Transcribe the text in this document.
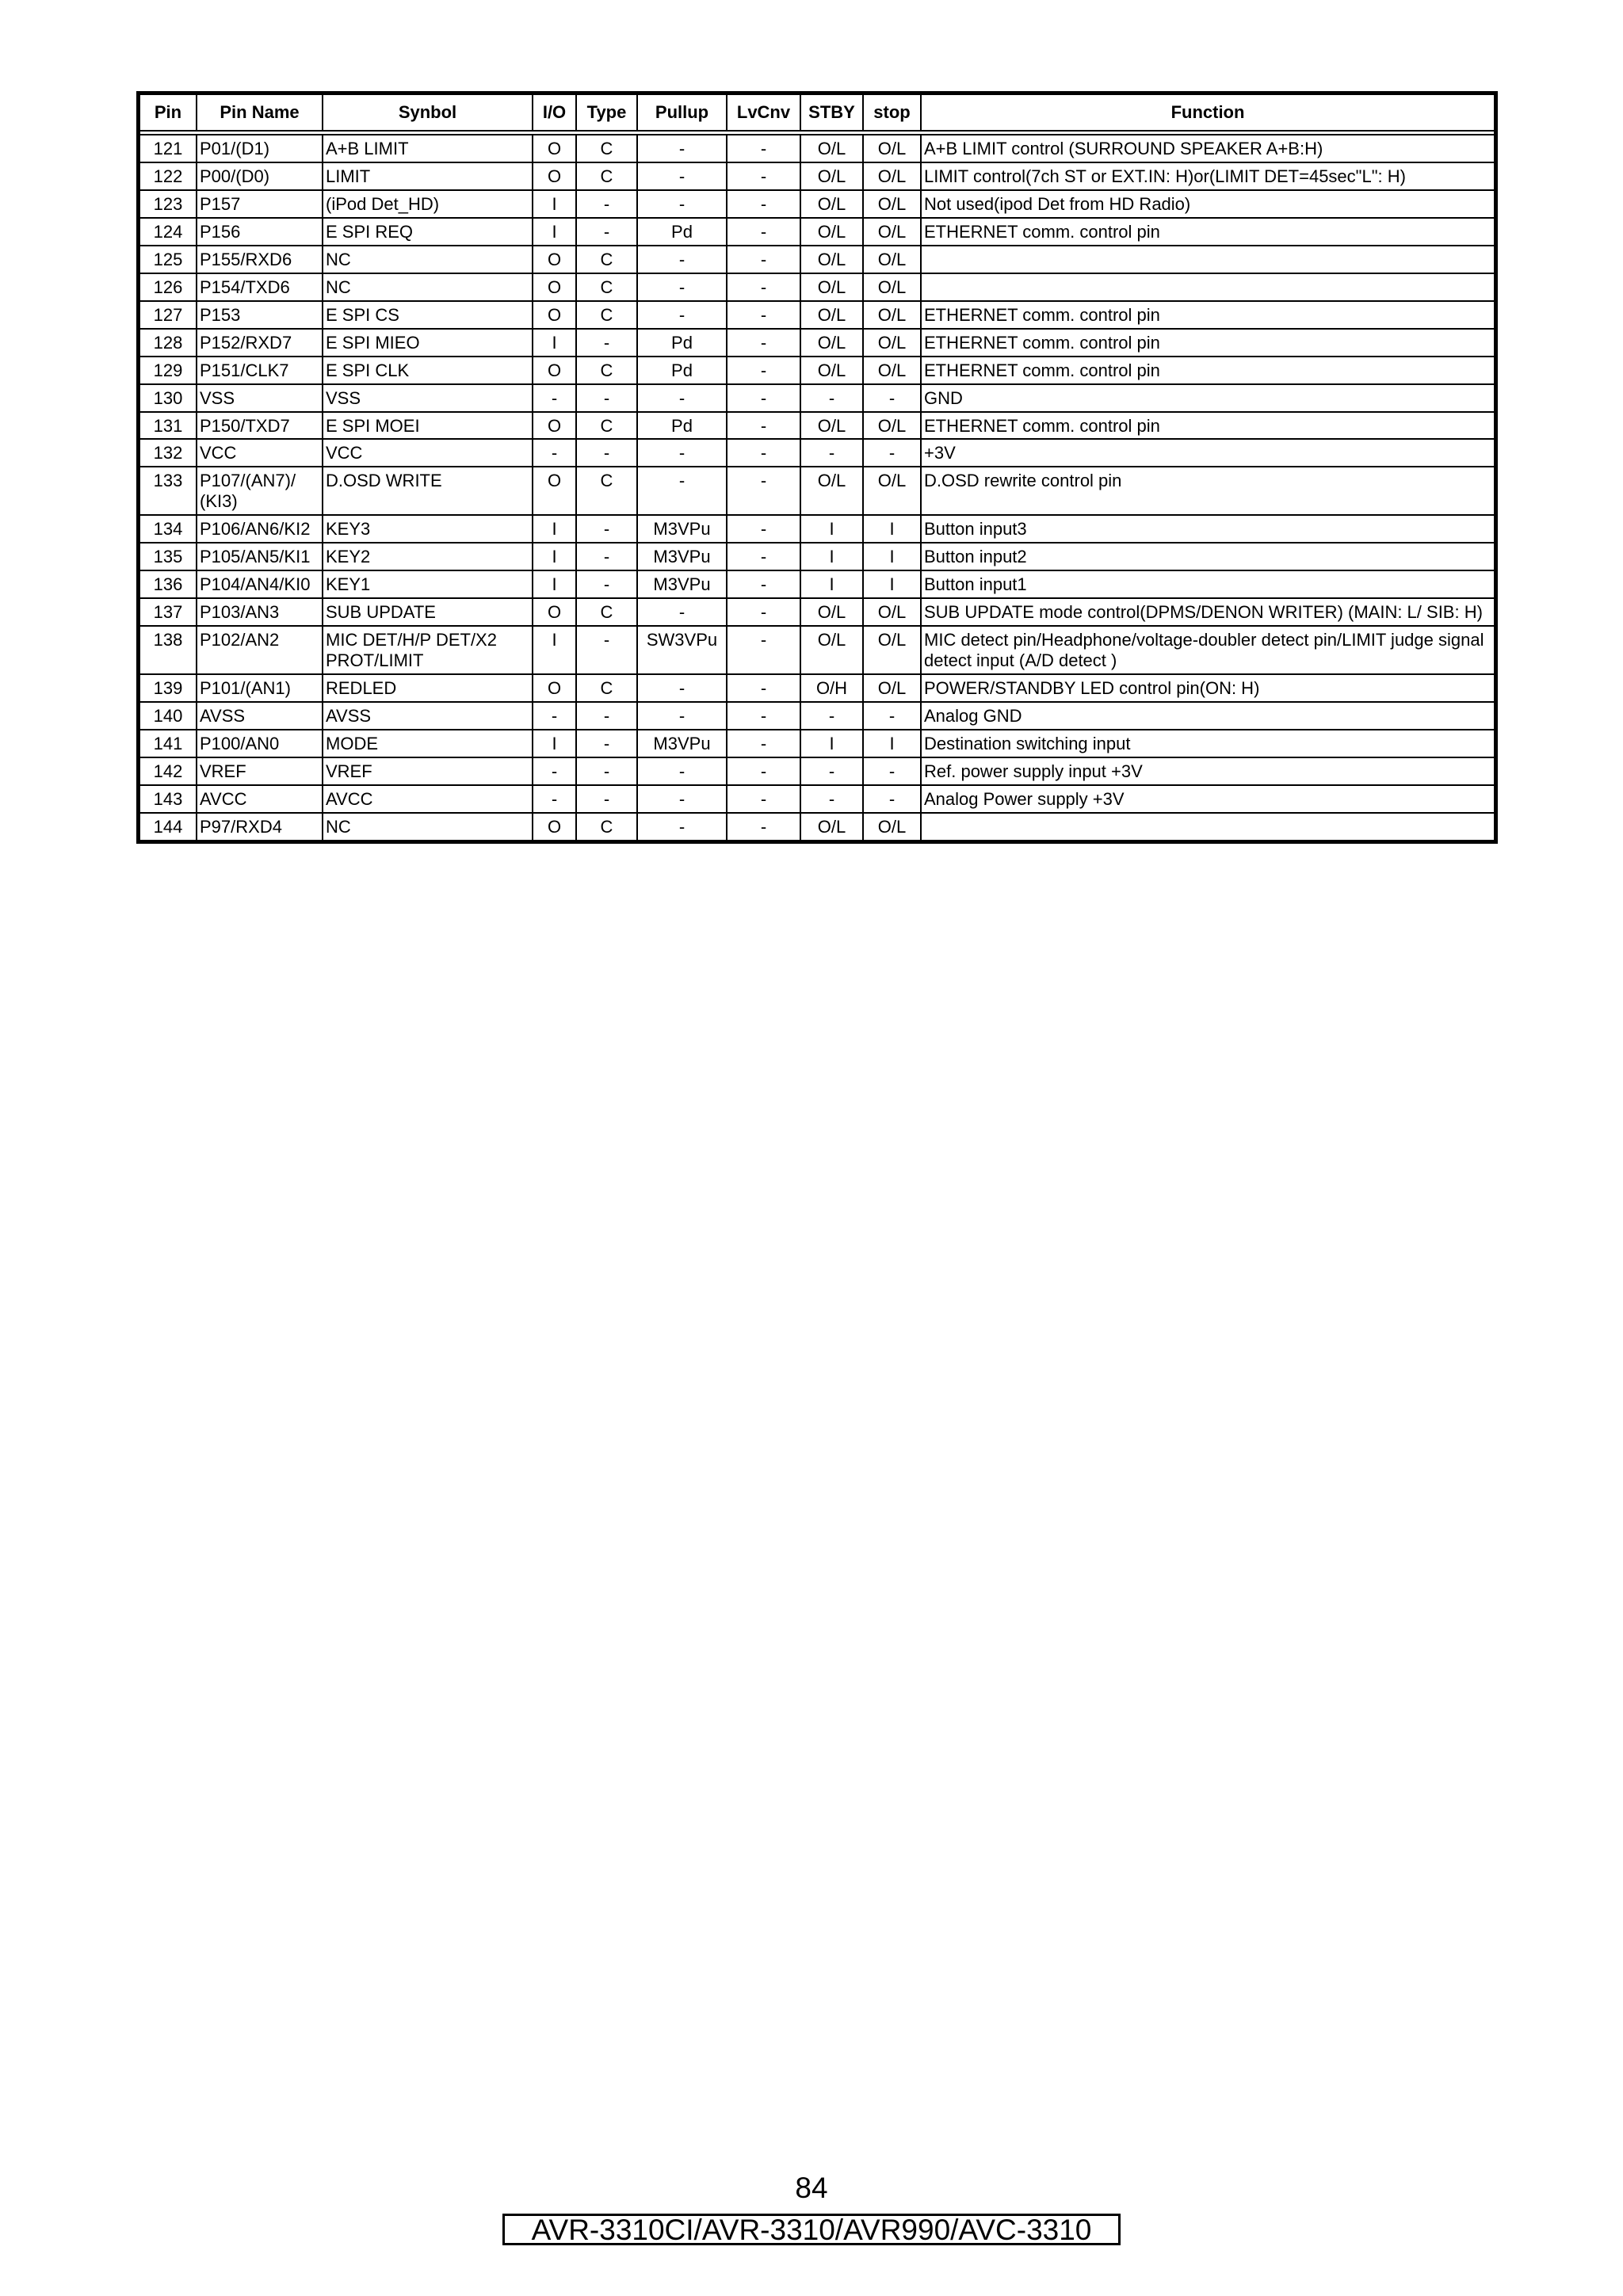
Pin	Pin Name	Synbol	I/O	Type	Pullup	LvCnv	STBY	stop	Function
121	P01/(D1)	A+B LIMIT	O	C	-	-	O/L	O/L	A+B LIMIT control (SURROUND SPEAKER A+B:H)
122	P00/(D0)	LIMIT	O	C	-	-	O/L	O/L	LIMIT control(7ch ST or EXT.IN: H)or(LIMIT DET=45sec"L": H)
123	P157	(iPod Det_HD)	I	-	-	-	O/L	O/L	Not used(ipod Det from HD Radio)
124	P156	E SPI REQ	I	-	Pd	-	O/L	O/L	ETHERNET comm. control pin
125	P155/RXD6	NC	O	C	-	-	O/L	O/L	
126	P154/TXD6	NC	O	C	-	-	O/L	O/L	
127	P153	E SPI CS	O	C	-	-	O/L	O/L	ETHERNET comm. control pin
128	P152/RXD7	E SPI MIEO	I	-	Pd	-	O/L	O/L	ETHERNET comm. control pin
129	P151/CLK7	E SPI CLK	O	C	Pd	-	O/L	O/L	ETHERNET comm. control pin
130	VSS	VSS	-	-	-	-	-	-	GND
131	P150/TXD7	E SPI MOEI	O	C	Pd	-	O/L	O/L	ETHERNET comm. control pin
132	VCC	VCC	-	-	-	-	-	-	+3V
133	P107/(AN7)/ (KI3)	D.OSD WRITE	O	C	-	-	O/L	O/L	D.OSD rewrite control pin
134	P106/AN6/KI2	KEY3	I	-	M3VPu	-	I	I	Button input3
135	P105/AN5/KI1	KEY2	I	-	M3VPu	-	I	I	Button input2
136	P104/AN4/KI0	KEY1	I	-	M3VPu	-	I	I	Button input1
137	P103/AN3	SUB UPDATE	O	C	-	-	O/L	O/L	SUB UPDATE mode control(DPMS/DENON WRITER) (MAIN: L/ SIB: H)
138	P102/AN2	MIC DET/H/P DET/X2 PROT/LIMIT	I	-	SW3VPu	-	O/L	O/L	MIC detect pin/Headphone/voltage-doubler detect pin/LIMIT judge signal detect input (A/D detect )
139	P101/(AN1)	REDLED	O	C	-	-	O/H	O/L	POWER/STANDBY LED control pin(ON: H)
140	AVSS	AVSS	-	-	-	-	-	-	Analog GND
141	P100/AN0	MODE	I	-	M3VPu	-	I	I	Destination switching input
142	VREF	VREF	-	-	-	-	-	-	Ref. power supply input +3V
143	AVCC	AVCC	-	-	-	-	-	-	Analog Power supply +3V
144	P97/RXD4	NC	O	C	-	-	O/L	O/L	
84
AVR-3310CI/AVR-3310/AVR990/AVC-3310
